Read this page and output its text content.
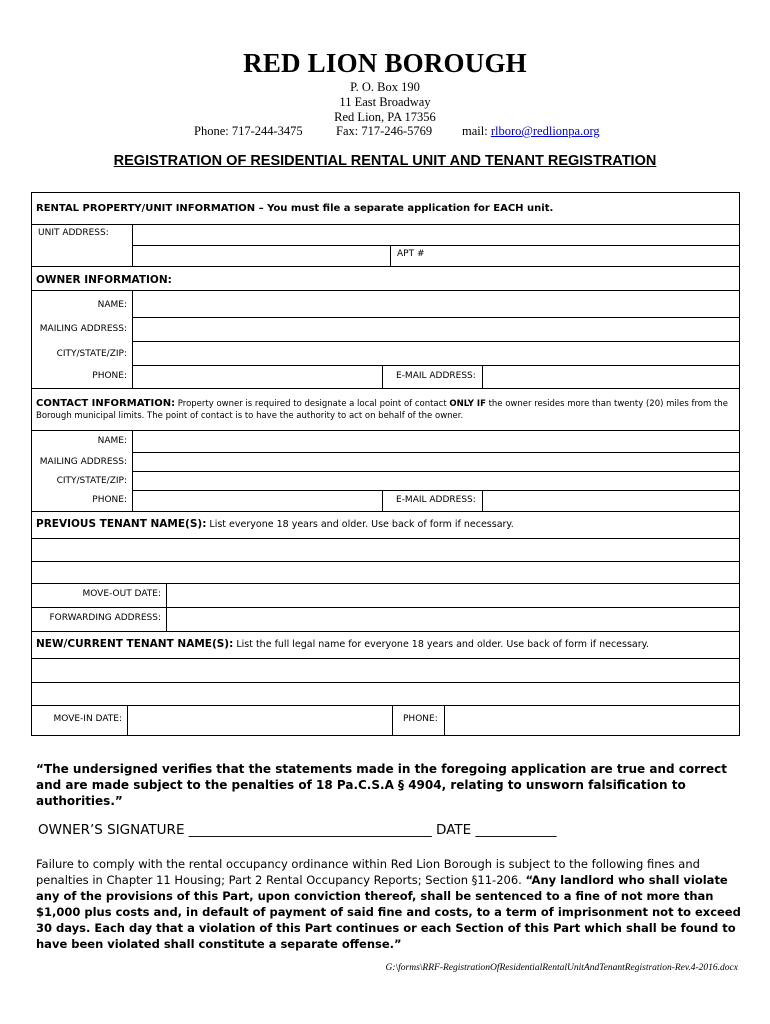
RED LION BOROUGH
P. O. Box 190
11 East Broadway
Red Lion, PA 17356
Phone: 717-244-3475	Fax: 717-246-5769 mail: rlboro@redlionpa.org
REGISTRATION OF RESIDENTIAL RENTAL UNIT AND TENANT REGISTRATION
RENTAL PROPERTY/UNIT INFORMATION – You must file a separate application for EACH unit.
UNIT ADDRESS:
APT #
OWNER INFORMATION:
NAME:
MAILING ADDRESS:
CITY/STATE/ZIP:
PHONE:	E-MAIL ADDRESS:
CONTACT INFORMATION: Property owner is required to designate a local point of contact ONLY IF the owner resides more than twenty (20) miles from the Borough municipal limits. The point of contact is to have the authority to act on behalf of the owner.
NAME:
MAILING ADDRESS:
CITY/STATE/ZIP:
PHONE:	E-MAIL ADDRESS:
PREVIOUS TENANT NAME(S): List everyone 18 years and older. Use back of form if necessary.
MOVE-OUT DATE:
FORWARDING ADDRESS:
NEW/CURRENT TENANT NAME(S): List the full legal name for everyone 18 years and older. Use back of form if necessary.
MOVE-IN DATE:	PHONE:
“The undersigned verifies that the statements made in the foregoing application are true and correct and are made subject to the penalties of 18 Pa.C.S.A § 4904, relating to unsworn falsification to authorities.”
OWNER’S SIGNATURE ____________________________________ DATE ____________
Failure to comply with the rental occupancy ordinance within Red Lion Borough is subject to the following fines and penalties in Chapter 11 Housing; Part 2 Rental Occupancy Reports; Section §11-206. “Any landlord who shall violate any of the provisions of this Part, upon conviction thereof, shall be sentenced to a fine of not more than $1,000 plus costs and, in default of payment of said fine and costs, to a term of imprisonment not to exceed 30 days. Each day that a violation of this Part continues or each Section of this Part which shall be found to have been violated shall constitute a separate offense.”
G:\forms\RRF-RegistrationOfResidentialRentalUnitAndTenantRegistration-Rev.4-2016.docx
